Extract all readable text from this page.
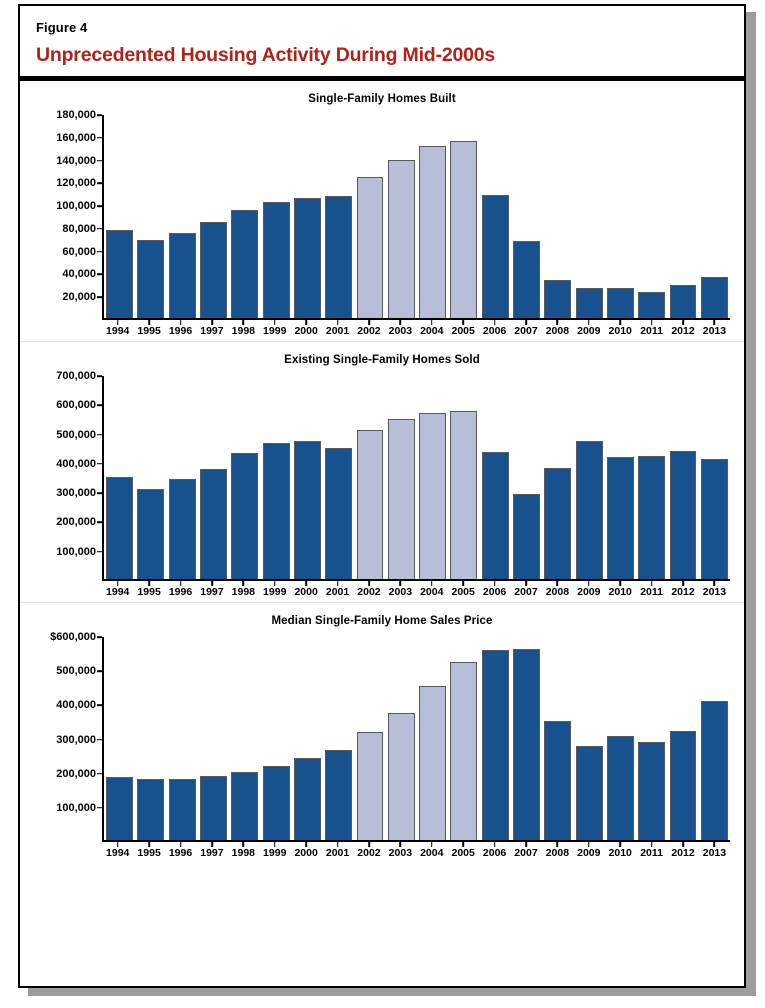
Figure 4
Unprecedented Housing Activity During Mid-2000s
Single-Family Homes Built
180,000
160,000
140,000
120,000
100,000
80,000
60,000
40,000
20,000
1994 1995 1996 1997 1998 1999 2000 2001 2002 2003 2004 2005 2006 2007 2008 2009 2010 2011 2012 2013
Existing Single-Family Homes Sold
700,000
600,000
500,000
400,000
300,000
200,000
100,000
1994 1995 1996 1997 1998 1999 2000 2001 2002 2003 2004 2005 2006 2007 2008 2009 2010 2011 2012 2013
Median Single-Family Home Sales Price
$600,000
500,000
400,000
300,000
200,000
100,000
1994 1995 1996 1997 1998 1999 2000 2001 2002 2003 2004 2005 2006 2007 2008 2009 2010 2011 2012 2013
